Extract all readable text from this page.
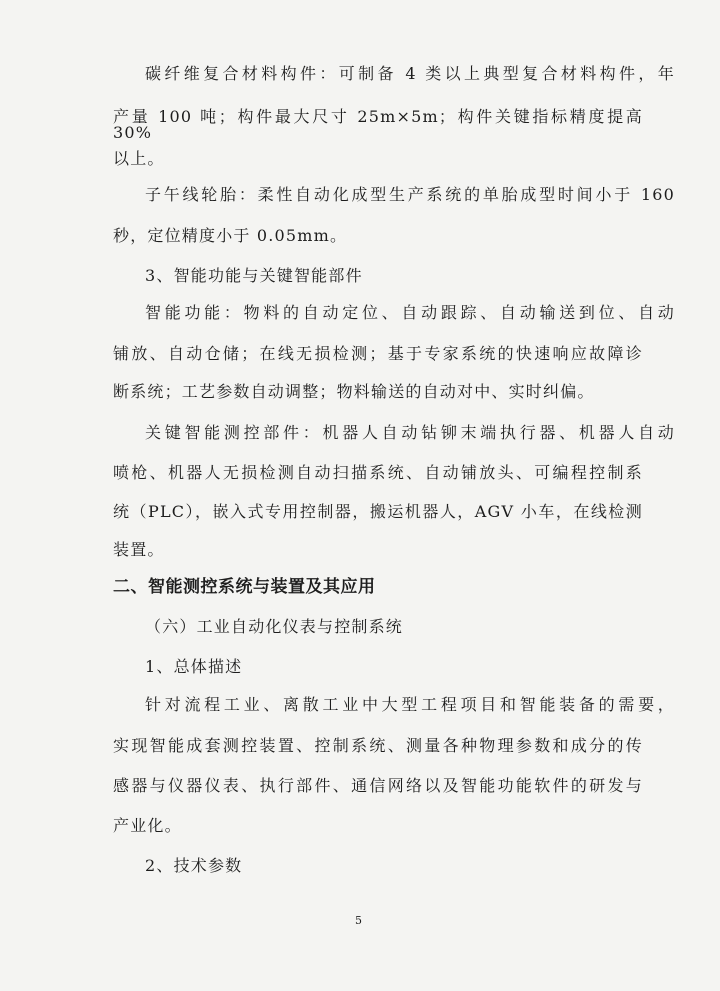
碳纤维复合材料构件：可制备 4 类以上典型复合材料构件，年
产量 100 吨；构件最大尺寸 25m×5m；构件关键指标精度提高 30%
以上。
子午线轮胎：柔性自动化成型生产系统的单胎成型时间小于 160
秒，定位精度小于 0.05mm。
3、智能功能与关键智能部件
智能功能：物料的自动定位、自动跟踪、自动输送到位、自动
铺放、自动仓储；在线无损检测；基于专家系统的快速响应故障诊
断系统；工艺参数自动调整；物料输送的自动对中、实时纠偏。
关键智能测控部件：机器人自动钻铆末端执行器、机器人自动
喷枪、机器人无损检测自动扫描系统、自动铺放头、可编程控制系
统（PLC），嵌入式专用控制器，搬运机器人，AGV 小车，在线检测
装置。
二、智能测控系统与装置及其应用
（六）工业自动化仪表与控制系统
1、总体描述
针对流程工业、离散工业中大型工程项目和智能装备的需要，
实现智能成套测控装置、控制系统、测量各种物理参数和成分的传
感器与仪器仪表、执行部件、通信网络以及智能功能软件的研发与
产业化。
2、技术参数
5
